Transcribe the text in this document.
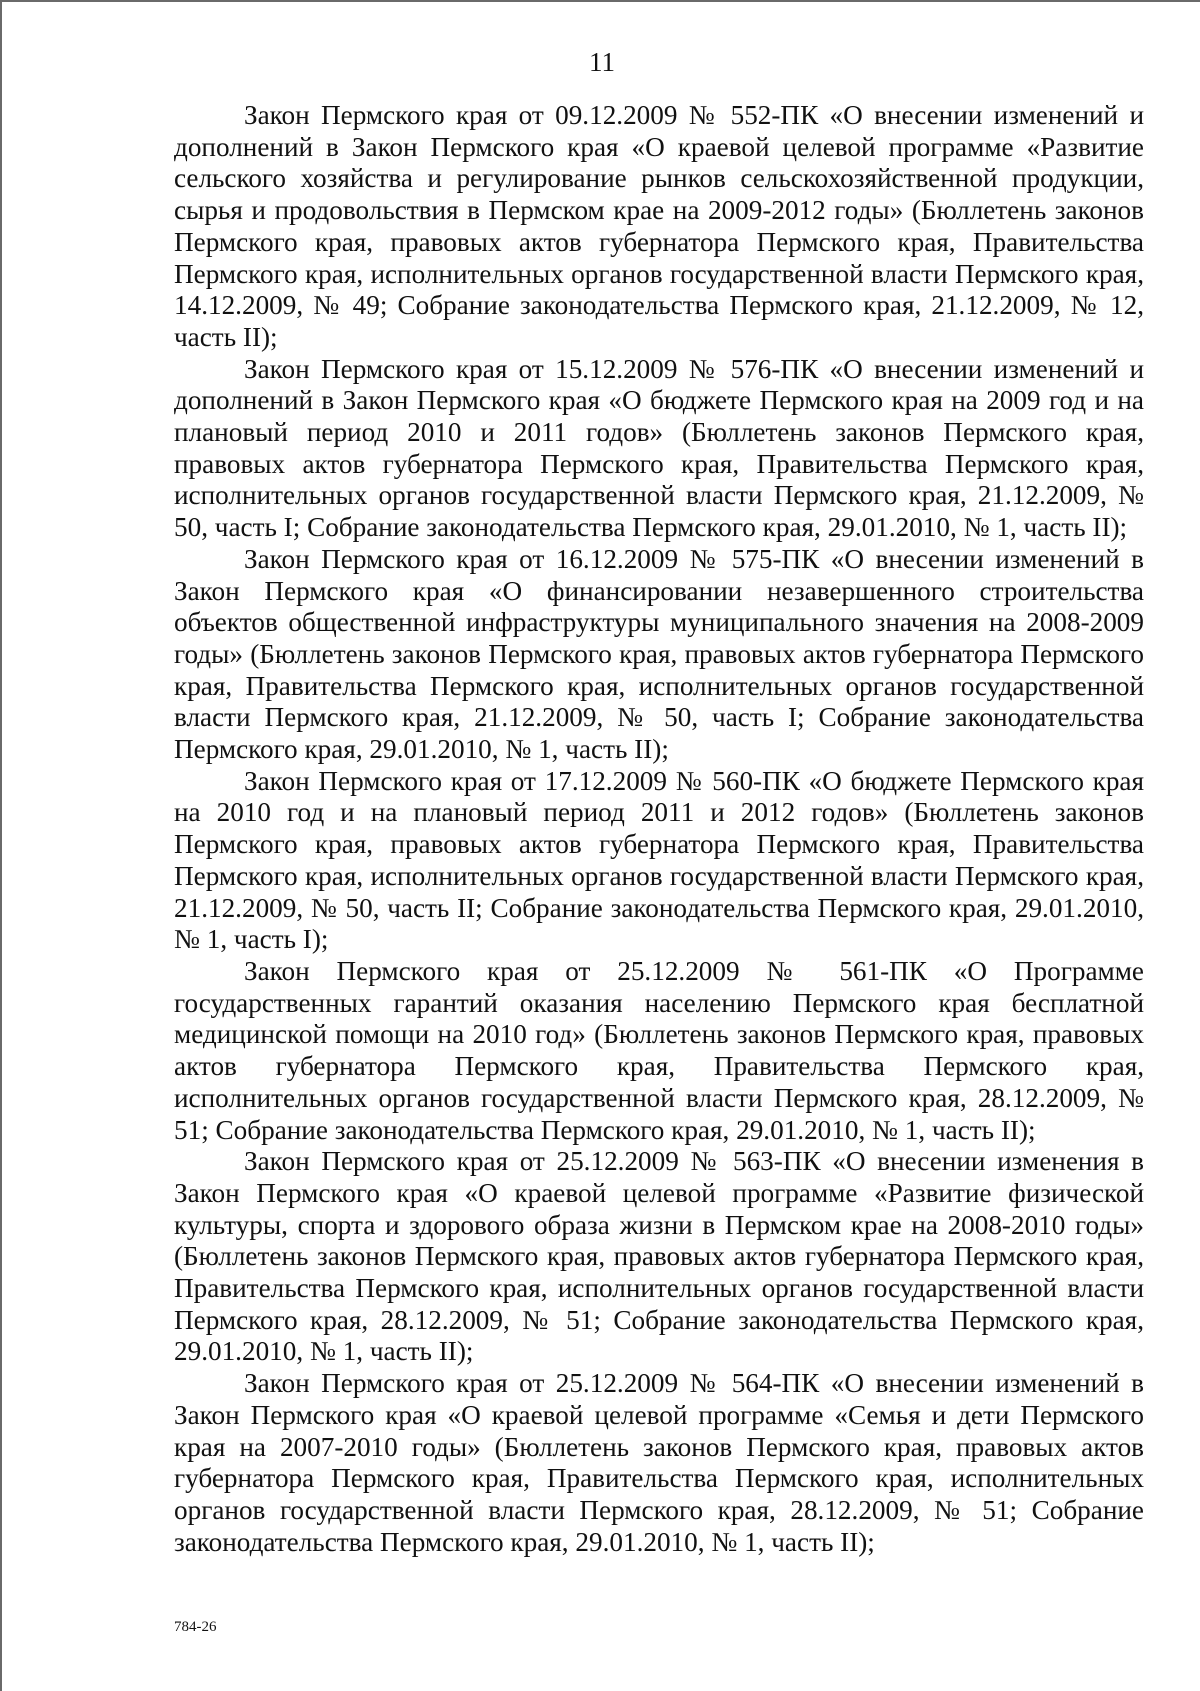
11

Закон Пермского края от 09.12.2009 № 552-ПК «О внесении изменений и дополнений в Закон Пермского края «О краевой целевой программе «Развитие сельского хозяйства и регулирование рынков сельскохозяйственной продукции, сырья и продовольствия в Пермском крае на 2009-2012 годы» (Бюллетень законов Пермского края, правовых актов губернатора Пермского края, Правительства Пермского края, исполнительных органов государственной власти Пермского края, 14.12.2009, № 49; Собрание законодательства Пермского края, 21.12.2009, № 12, часть II);

Закон Пермского края от 15.12.2009 № 576-ПК «О внесении изменений и дополнений в Закон Пермского края «О бюджете Пермского края на 2009 год и на плановый период 2010 и 2011 годов» (Бюллетень законов Пермского края, правовых актов губернатора Пермского края, Правительства Пермского края, исполнительных органов государственной власти Пермского края, 21.12.2009, № 50, часть I; Собрание законодательства Пермского края, 29.01.2010, № 1, часть II);

Закон Пермского края от 16.12.2009 № 575-ПК «О внесении изменений в Закон Пермского края «О финансировании незавершенного строительства объектов общественной инфраструктуры муниципального значения на 2008-2009 годы» (Бюллетень законов Пермского края, правовых актов губернатора Пермского края, Правительства Пермского края, исполнительных органов государственной власти Пермского края, 21.12.2009, № 50, часть I; Собрание законодательства Пермского края, 29.01.2010, № 1, часть II);

Закон Пермского края от 17.12.2009 № 560-ПК «О бюджете Пермского края на 2010 год и на плановый период 2011 и 2012 годов» (Бюллетень законов Пермского края, правовых актов губернатора Пермского края, Правительства Пермского края, исполнительных органов государственной власти Пермского края, 21.12.2009, № 50, часть II; Собрание законодательства Пермского края, 29.01.2010, № 1, часть I);

Закон Пермского края от 25.12.2009 № 561-ПК «О Программе государственных гарантий оказания населению Пермского края бесплатной медицинской помощи на 2010 год» (Бюллетень законов Пермского края, правовых актов губернатора Пермского края, Правительства Пермского края, исполнительных органов государственной власти Пермского края, 28.12.2009, № 51; Собрание законодательства Пермского края, 29.01.2010, № 1, часть II);

Закон Пермского края от 25.12.2009 № 563-ПК «О внесении изменения в Закон Пермского края «О краевой целевой программе «Развитие физической культуры, спорта и здорового образа жизни в Пермском крае на 2008-2010 годы» (Бюллетень законов Пермского края, правовых актов губернатора Пермского края, Правительства Пермского края, исполнительных органов государственной власти Пермского края, 28.12.2009, № 51; Собрание законодательства Пермского края, 29.01.2010, № 1, часть II);

Закон Пермского края от 25.12.2009 № 564-ПК «О внесении изменений в Закон Пермского края «О краевой целевой программе «Семья и дети Пермского края на 2007-2010 годы» (Бюллетень законов Пермского края, правовых актов губернатора Пермского края, Правительства Пермского края, исполнительных органов государственной власти Пермского края, 28.12.2009, № 51; Собрание законодательства Пермского края, 29.01.2010, № 1, часть II);

784-26
